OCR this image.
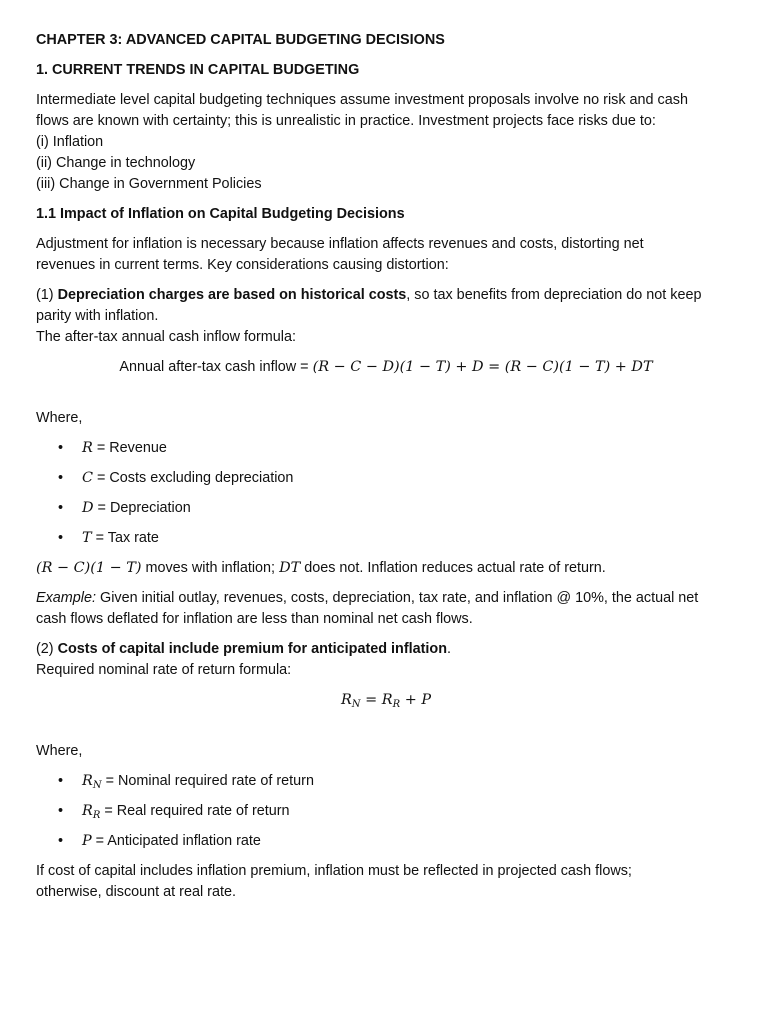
CHAPTER 3: ADVANCED CAPITAL BUDGETING DECISIONS

1. CURRENT TRENDS IN CAPITAL BUDGETING

Intermediate level capital budgeting techniques assume investment proposals involve no risk and cash

flows are known with certainty; this is unrealistic in practice. Investment projects face risks due to:

(i) Inflation

(ii) Change in technology

(iii) Change in Government Policies

1.1 Impact of Inflation on Capital Budgeting Decisions

Adjustment for inflation is necessary because inflation affects revenues and costs, distorting net

revenues in current terms. Key considerations causing distortion:

(1) Depreciation charges are based on historical costs, so tax benefits from depreciation do not keep

parity with inflation.

The after-tax annual cash inflow formula:

Annual after-tax cash inflow = (R − C − D)(1 − T) + D = (R − C)(1 − T) + DT

Where,

• R = Revenue
• C = Costs excluding depreciation
• D = Depreciation
• T = Tax rate

(R − C)(1 − T) moves with inflation; DT does not. Inflation reduces actual rate of return.

Example: Given initial outlay, revenues, costs, depreciation, tax rate, and inflation @ 10%, the actual net

cash flows deflated for inflation are less than nominal net cash flows.

(2) Costs of capital include premium for anticipated inflation.

Required nominal rate of return formula:

$R_N = R_R + P$

Where,

• $R_N$ = Nominal required rate of return
• $R_R$ = Real required rate of return
• P = Anticipated inflation rate

If cost of capital includes inflation premium, inflation must be reflected in projected cash flows;

otherwise, discount at real rate.
